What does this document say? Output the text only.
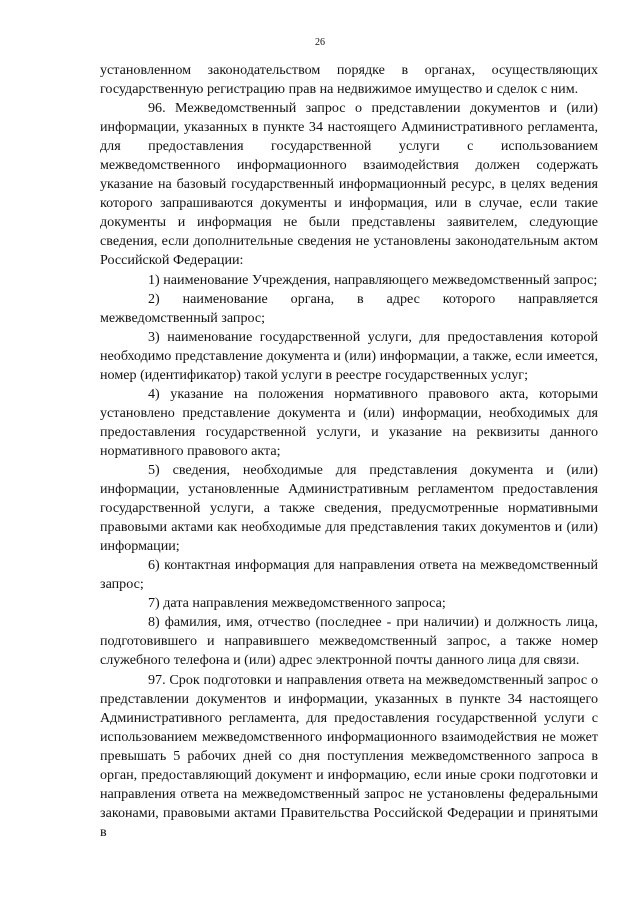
26

установленном законодательством порядке в органах, осуществляющих государственную регистрацию прав на недвижимое имущество и сделок с ним.

96. Межведомственный запрос о представлении документов и (или) информации, указанных в пункте 34 настоящего Административного регламента, для предоставления государственной услуги с использованием межведомственного информационного взаимодействия должен содержать указание на базовый государственный информационный ресурс, в целях ведения которого запрашиваются документы и информация, или в случае, если такие документы и информация не были представлены заявителем, следующие сведения, если дополнительные сведения не установлены законодательным актом Российской Федерации:

1) наименование Учреждения, направляющего межведомственный запрос;

2) наименование органа, в адрес которого направляется межведомственный запрос;

3) наименование государственной услуги, для предоставления которой необходимо представление документа и (или) информации, а также, если имеется, номер (идентификатор) такой услуги в реестре государственных услуг;

4) указание на положения нормативного правового акта, которыми установлено представление документа и (или) информации, необходимых для предоставления государственной услуги, и указание на реквизиты данного нормативного правового акта;

5) сведения, необходимые для представления документа и (или) информации, установленные Административным регламентом предоставления государственной услуги, а также сведения, предусмотренные нормативными правовыми актами как необходимые для представления таких документов и (или) информации;

6) контактная информация для направления ответа на межведомственный запрос;

7) дата направления межведомственного запроса;

8) фамилия, имя, отчество (последнее - при наличии) и должность лица, подготовившего и направившего межведомственный запрос, а также номер служебного телефона и (или) адрес электронной почты данного лица для связи.

97. Срок подготовки и направления ответа на межведомственный запрос о представлении документов и информации, указанных в пункте 34 настоящего Административного регламента, для предоставления государственной услуги с использованием межведомственного информационного взаимодействия не может превышать 5 рабочих дней со дня поступления межведомственного запроса в орган, предоставляющий документ и информацию, если иные сроки подготовки и направления ответа на межведомственный запрос не установлены федеральными законами, правовыми актами Правительства Российской Федерации и принятыми в
